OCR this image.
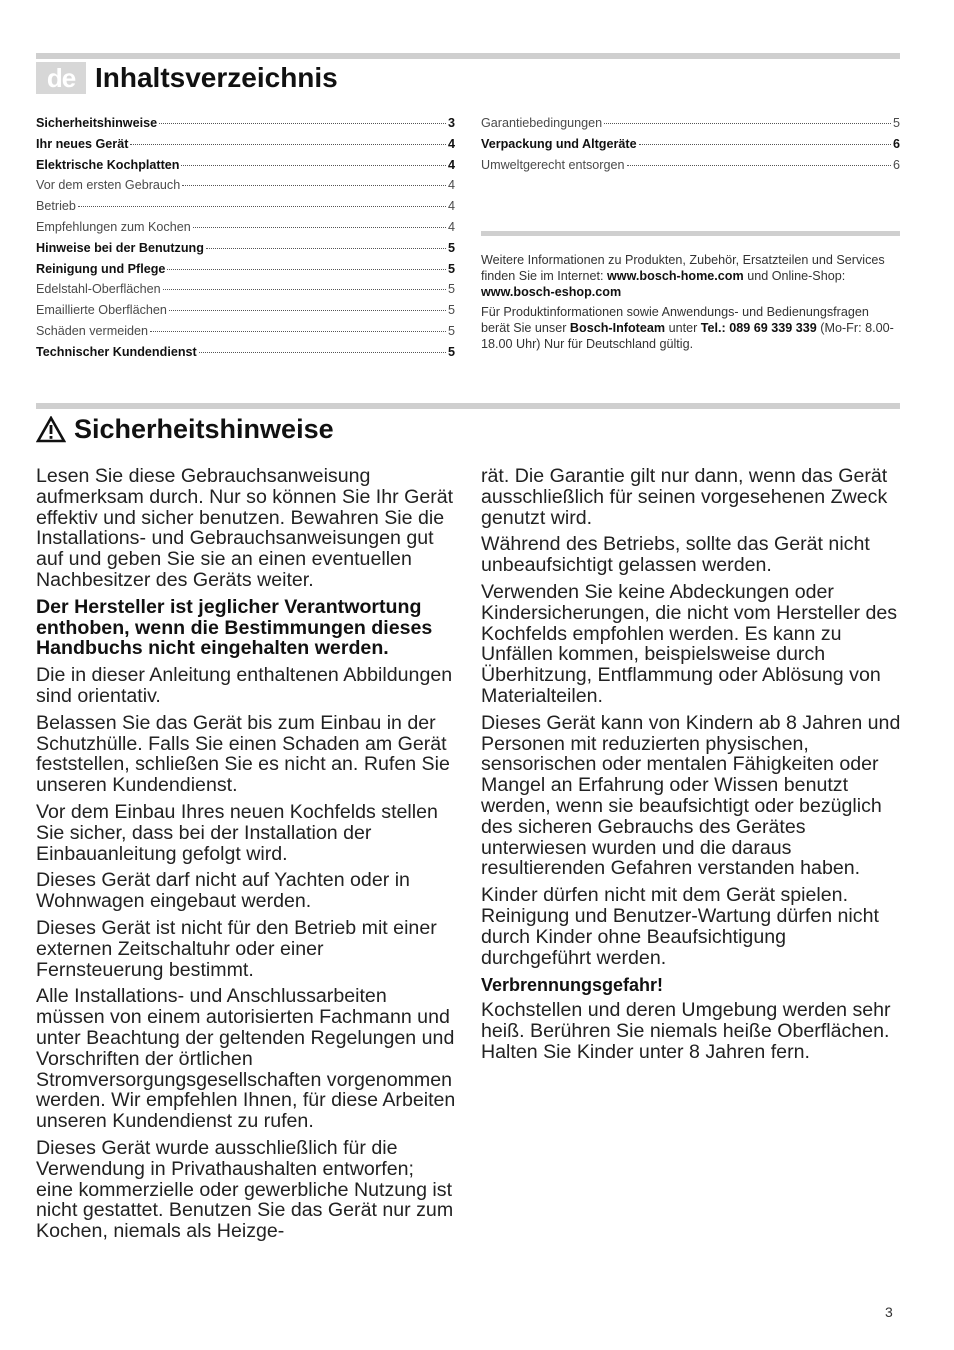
de Inhaltsverzeichnis
Sicherheitshinweise	3
Ihr neues Gerät	4
Elektrische Kochplatten	4
Vor dem ersten Gebrauch	4
Betrieb	4
Empfehlungen zum Kochen	4
Hinweise bei der Benutzung	5
Reinigung und Pflege	5
Edelstahl-Oberflächen	5
Emaillierte Oberflächen	5
Schäden vermeiden	5
Technischer Kundendienst	5
Garantiebedingungen	5
Verpackung und Altgeräte	6
Umweltgerecht entsorgen	6

Weitere Informationen zu Produkten, Zubehör, Ersatzteilen und Services finden Sie im Internet: www.bosch-home.com und Online-Shop: www.bosch-eshop.com

Für Produktinformationen sowie Anwendungs- und Bedienungsfragen berät Sie unser Bosch-Infoteam unter Tel.: 089 69 339 339 (Mo-Fr: 8.00-18.00 Uhr) Nur für Deutschland gültig.

Sicherheitshinweise

Lesen Sie diese Gebrauchsanweisung aufmerksam durch. Nur so können Sie Ihr Gerät effektiv und sicher benutzen. Bewahren Sie die Installations- und Gebrauchsanweisungen gut auf und geben Sie sie an einen eventuellen Nachbesitzer des Geräts weiter.

Der Hersteller ist jeglicher Verantwortung enthoben, wenn die Bestimmungen dieses Handbuchs nicht eingehalten werden.

Die in dieser Anleitung enthaltenen Abbildungen sind orientativ.

Belassen Sie das Gerät bis zum Einbau in der Schutzhülle. Falls Sie einen Schaden am Gerät feststellen, schließen Sie es nicht an. Rufen Sie unseren Kundendienst.

Vor dem Einbau Ihres neuen Kochfelds stellen Sie sicher, dass bei der Installation der Einbauanleitung gefolgt wird.

Dieses Gerät darf nicht auf Yachten oder in Wohnwagen eingebaut werden.

Dieses Gerät ist nicht für den Betrieb mit einer externen Zeitschaltuhr oder einer Fernsteuerung bestimmt.

Alle Installations- und Anschlussarbeiten müssen von einem autorisierten Fachmann und unter Beachtung der geltenden Regelungen und Vorschriften der örtlichen Stromversorgungsgesellschaften vorgenommen werden. Wir empfehlen Ihnen, für diese Arbeiten unseren Kundendienst zu rufen.

Dieses Gerät wurde ausschließlich für die Verwendung in Privathaushalten entworfen; eine kommerzielle oder gewerbliche Nutzung ist nicht gestattet. Benutzen Sie das Gerät nur zum Kochen, niemals als Heizge-

rät. Die Garantie gilt nur dann, wenn das Gerät ausschließlich für seinen vorgesehenen Zweck genutzt wird.

Während des Betriebs, sollte das Gerät nicht unbeaufsichtigt gelassen werden.

Verwenden Sie keine Abdeckungen oder Kindersicherungen, die nicht vom Hersteller des Kochfelds empfohlen werden. Es kann zu Unfällen kommen, beispielsweise durch Überhitzung, Entflammung oder Ablösung von Materialteilen.

Dieses Gerät kann von Kindern ab 8 Jahren und Personen mit reduzierten physischen, sensorischen oder mentalen Fähigkeiten oder Mangel an Erfahrung oder Wissen benutzt werden, wenn sie beaufsichtigt oder bezüglich des sicheren Gebrauchs des Gerätes unterwiesen wurden und die daraus resultierenden Gefahren verstanden haben.

Kinder dürfen nicht mit dem Gerät spielen. Reinigung und Benutzer-Wartung dürfen nicht durch Kinder ohne Beaufsichtigung durchgeführt werden.

Verbrennungsgefahr!

Kochstellen und deren Umgebung werden sehr heiß. Berühren Sie niemals heiße Oberflächen. Halten Sie Kinder unter 8 Jahren fern.

3
